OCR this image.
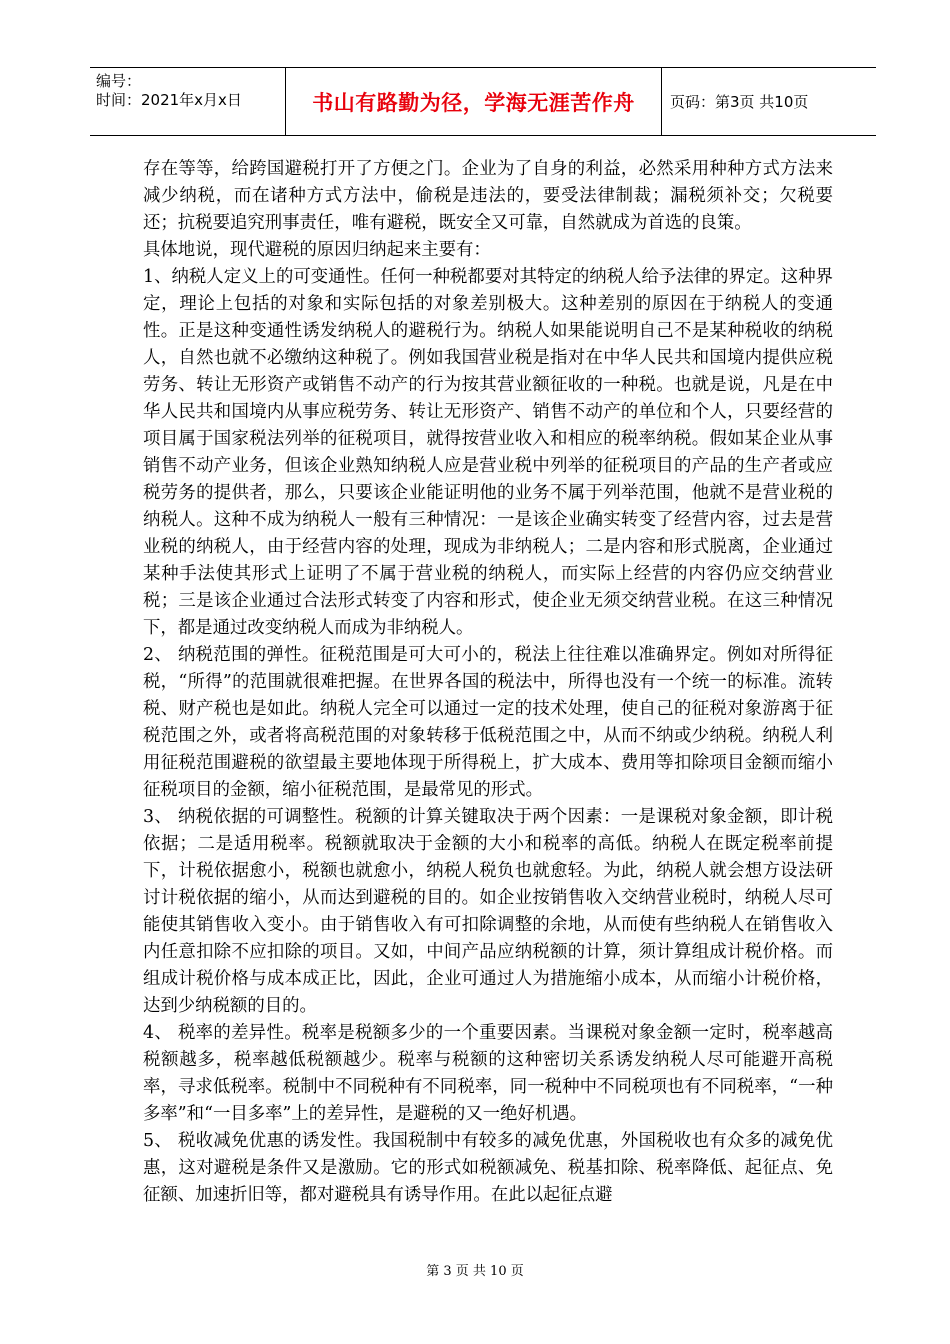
编号：
时间：2021年x月x日	书山有路勤为径，学海无涯苦作舟	页码：第3页 共10页

存在等等，给跨国避税打开了方便之门。企业为了自身的利益，必然采用种种方式方法来减少纳税，而在诸种方式方法中，偷税是违法的，要受法律制裁；漏税须补交；欠税要还；抗税要追究刑事责任，唯有避税，既安全又可靠，自然就成为首选的良策。

具体地说，现代避税的原因归纳起来主要有：

1、纳税人定义上的可变通性。任何一种税都要对其特定的纳税人给予法律的界定。这种界定，理论上包括的对象和实际包括的对象差别极大。这种差别的原因在于纳税人的变通性。正是这种变通性诱发纳税人的避税行为。纳税人如果能说明自己不是某种税收的纳税人，自然也就不必缴纳这种税了。例如我国营业税是指对在中华人民共和国境内提供应税劳务、转让无形资产或销售不动产的行为按其营业额征收的一种税。也就是说，凡是在中华人民共和国境内从事应税劳务、转让无形资产、销售不动产的单位和个人，只要经营的项目属于国家税法列举的征税项目，就得按营业收入和相应的税率纳税。假如某企业从事销售不动产业务，但该企业熟知纳税人应是营业税中列举的征税项目的产品的生产者或应税劳务的提供者，那么，只要该企业能证明他的业务不属于列举范围，他就不是营业税的纳税人。这种不成为纳税人一般有三种情况：一是该企业确实转变了经营内容，过去是营业税的纳税人，由于经营内容的处理，现成为非纳税人；二是内容和形式脱离，企业通过某种手法使其形式上证明了不属于营业税的纳税人，而实际上经营的内容仍应交纳营业税；三是该企业通过合法形式转变了内容和形式，使企业无须交纳营业税。在这三种情况下，都是通过改变纳税人而成为非纳税人。

2、 纳税范围的弹性。征税范围是可大可小的，税法上往往难以准确界定。例如对所得征税，“所得”的范围就很难把握。在世界各国的税法中，所得也没有一个统一的标准。流转税、财产税也是如此。纳税人完全可以通过一定的技术处理，使自己的征税对象游离于征税范围之外，或者将高税范围的对象转移于低税范围之中，从而不纳或少纳税。纳税人利用征税范围避税的欲望最主要地体现于所得税上，扩大成本、费用等扣除项目金额而缩小征税项目的金额，缩小征税范围，是最常见的形式。

3、 纳税依据的可调整性。税额的计算关键取决于两个因素：一是课税对象金额，即计税依据；二是适用税率。税额就取决于金额的大小和税率的高低。纳税人在既定税率前提下，计税依据愈小，税额也就愈小，纳税人税负也就愈轻。为此，纳税人就会想方设法研讨计税依据的缩小，从而达到避税的目的。如企业按销售收入交纳营业税时，纳税人尽可能使其销售收入变小。由于销售收入有可扣除调整的余地，从而使有些纳税人在销售收入内任意扣除不应扣除的项目。又如，中间产品应纳税额的计算，须计算组成计税价格。而组成计税价格与成本成正比，因此，企业可通过人为措施缩小成本，从而缩小计税价格，达到少纳税额的目的。

4、 税率的差异性。税率是税额多少的一个重要因素。当课税对象金额一定时，税率越高税额越多，税率越低税额越少。税率与税额的这种密切关系诱发纳税人尽可能避开高税率，寻求低税率。税制中不同税种有不同税率，同一税种中不同税项也有不同税率，“一种多率”和“一目多率”上的差异性，是避税的又一绝好机遇。

5、 税收减免优惠的诱发性。我国税制中有较多的减免优惠，外国税收也有众多的减免优惠，这对避税是条件又是激励。它的形式如税额减免、税基扣除、税率降低、起征点、免征额、加速折旧等，都对避税具有诱导作用。在此以起征点避

第 3 页 共 10 页
